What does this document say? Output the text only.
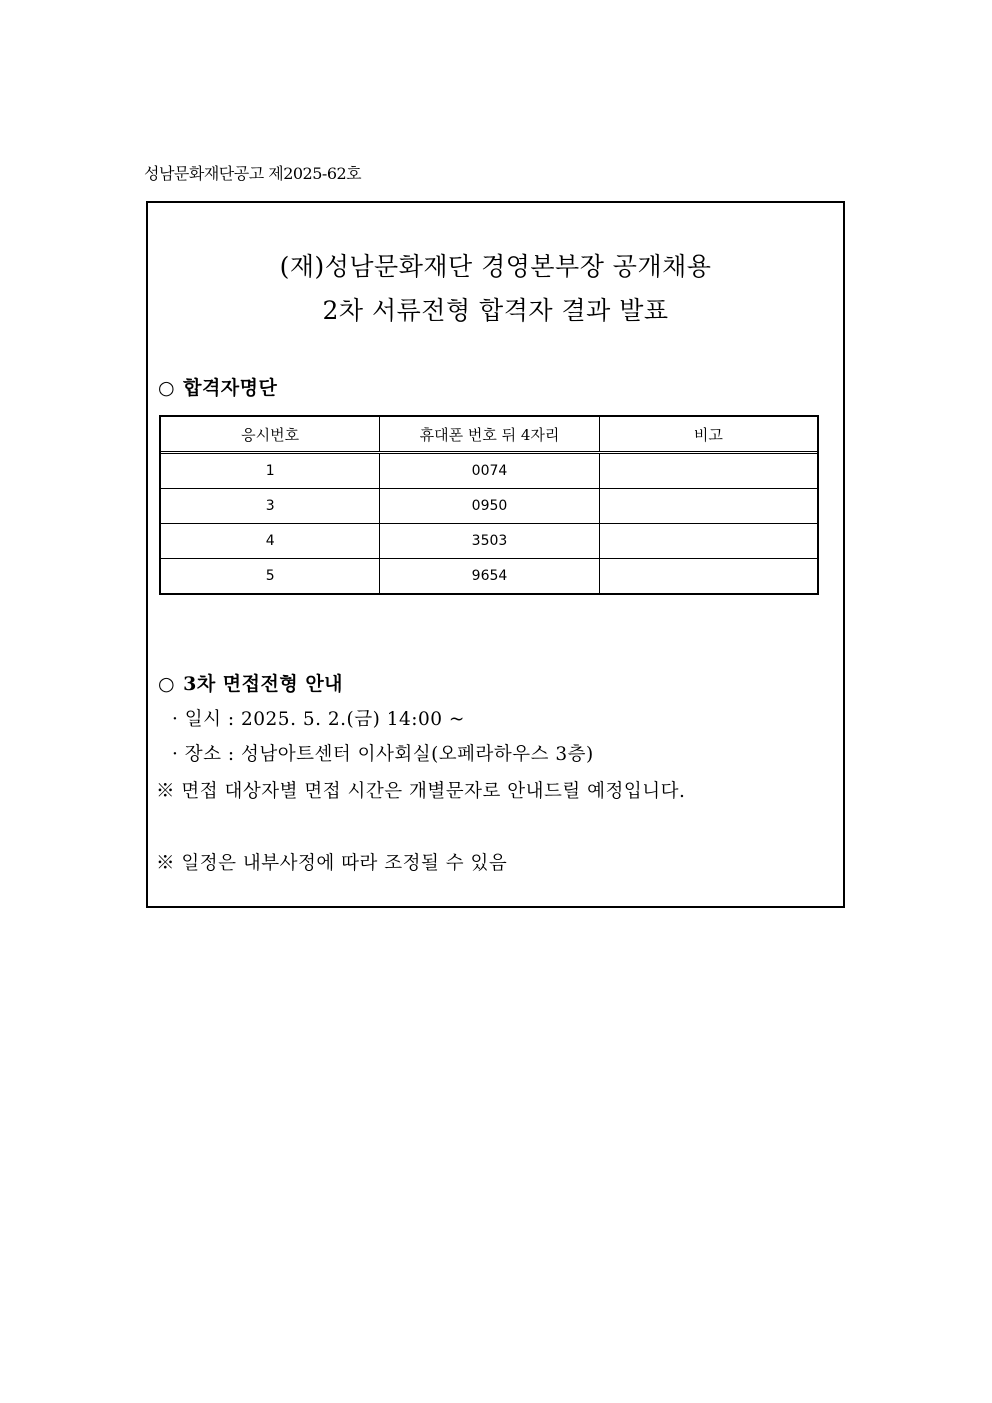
성남문화재단공고 제2025-62호
(재)성남문화재단 경영본부장 공개채용
2차 서류전형 합격자 결과 발표
○ 합격자명단
응시번호	휴대폰 번호 뒤 4자리	비고
1	0074	
3	0950	
4	3503	
5	9654	
○ 3차 면접전형 안내
· 일시 : 2025. 5. 2.(금) 14:00 ~
· 장소 : 성남아트센터 이사회실(오페라하우스 3층)
※ 면접 대상자별 면접 시간은 개별문자로 안내드릴 예정입니다.
※ 일정은 내부사정에 따라 조정될 수 있음
